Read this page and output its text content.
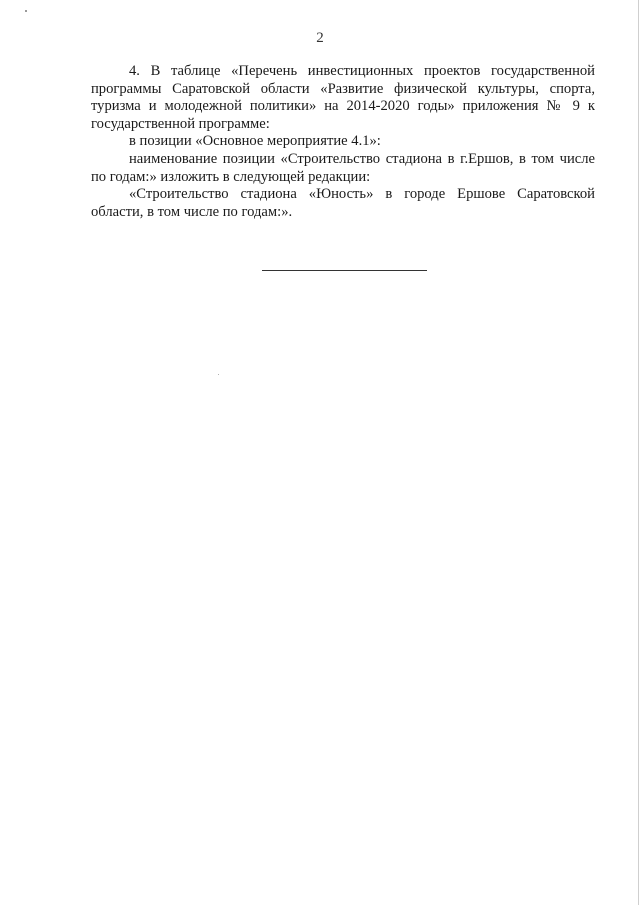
2

4. В таблице «Перечень инвестиционных проектов государственной программы Саратовской области «Развитие физической культуры, спорта, туризма и молодежной политики» на 2014-2020 годы» приложения № 9 к государственной программе:

в позиции «Основное мероприятие 4.1»:

наименование позиции «Строительство стадиона в г.Ершов, в том числе по годам:» изложить в следующей редакции:

«Строительство стадиона «Юность» в городе Ершове Саратовской области, в том числе по годам:».
